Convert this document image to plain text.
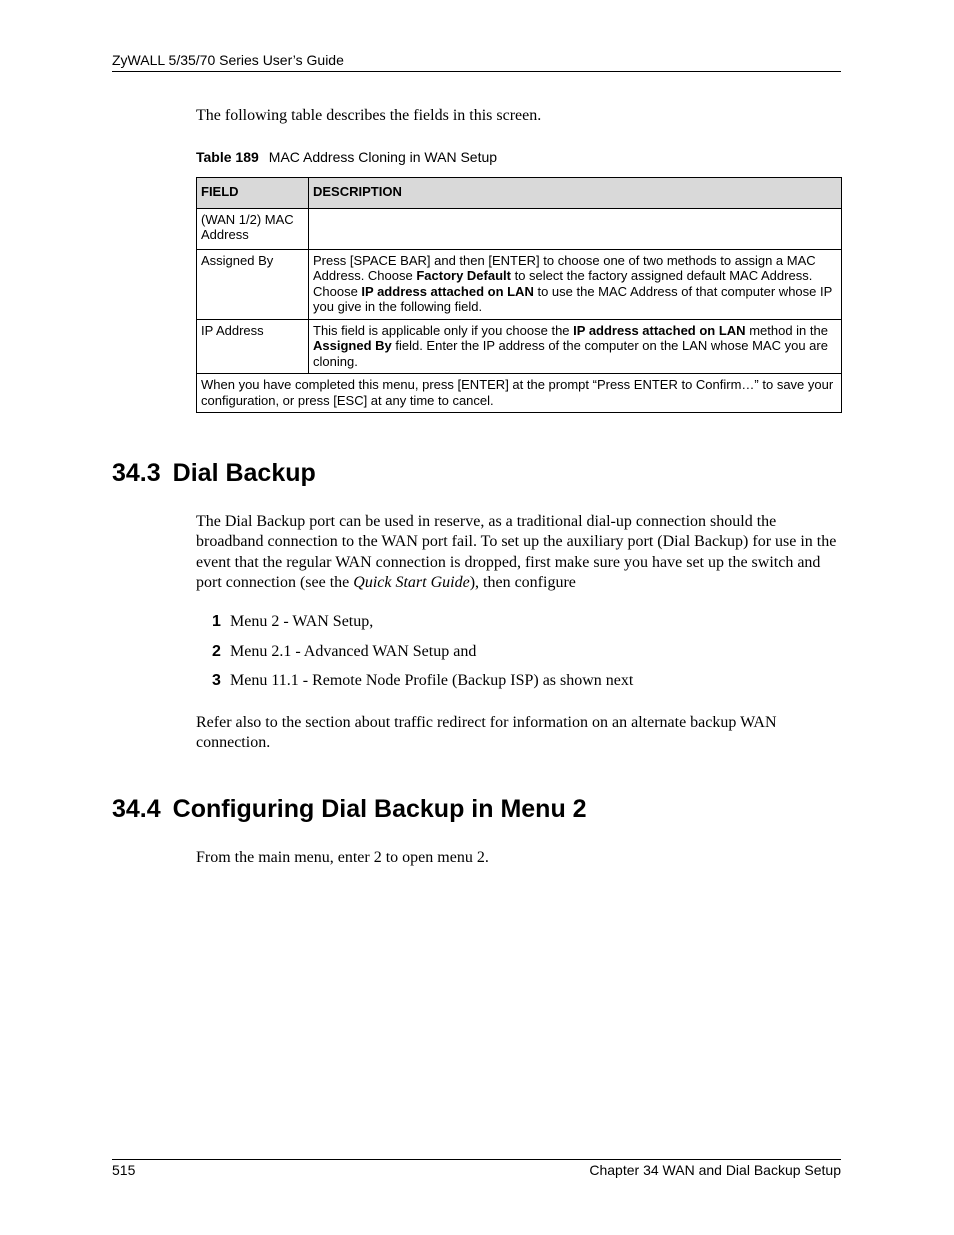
ZyWALL 5/35/70 Series User’s Guide
The following table describes the fields in this screen.
Table 189 MAC Address Cloning in WAN Setup
FIELD	DESCRIPTION
(WAN 1/2) MAC Address	
Assigned By	Press [SPACE BAR] and then [ENTER] to choose one of two methods to assign a MAC Address. Choose Factory Default to select the factory assigned default MAC Address. Choose IP address attached on LAN to use the MAC Address of that computer whose IP you give in the following field.
IP Address	This field is applicable only if you choose the IP address attached on LAN method in the Assigned By field. Enter the IP address of the computer on the LAN whose MAC you are cloning.
When you have completed this menu, press [ENTER] at the prompt “Press ENTER to Confirm…” to save your configuration, or press [ESC] at any time to cancel.	
34.3 Dial Backup

The Dial Backup port can be used in reserve, as a traditional dial-up connection should the broadband connection to the WAN port fail. To set up the auxiliary port (Dial Backup) for use in the event that the regular WAN connection is dropped, first make sure you have set up the switch and port connection (see the Quick Start Guide), then configure

1 Menu 2 - WAN Setup,
2 Menu 2.1 - Advanced WAN Setup and
3 Menu 11.1 - Remote Node Profile (Backup ISP) as shown next

Refer also to the section about traffic redirect for information on an alternate backup WAN connection.

34.4 Configuring Dial Backup in Menu 2

From the main menu, enter 2 to open menu 2.

515	Chapter 34 WAN and Dial Backup Setup
